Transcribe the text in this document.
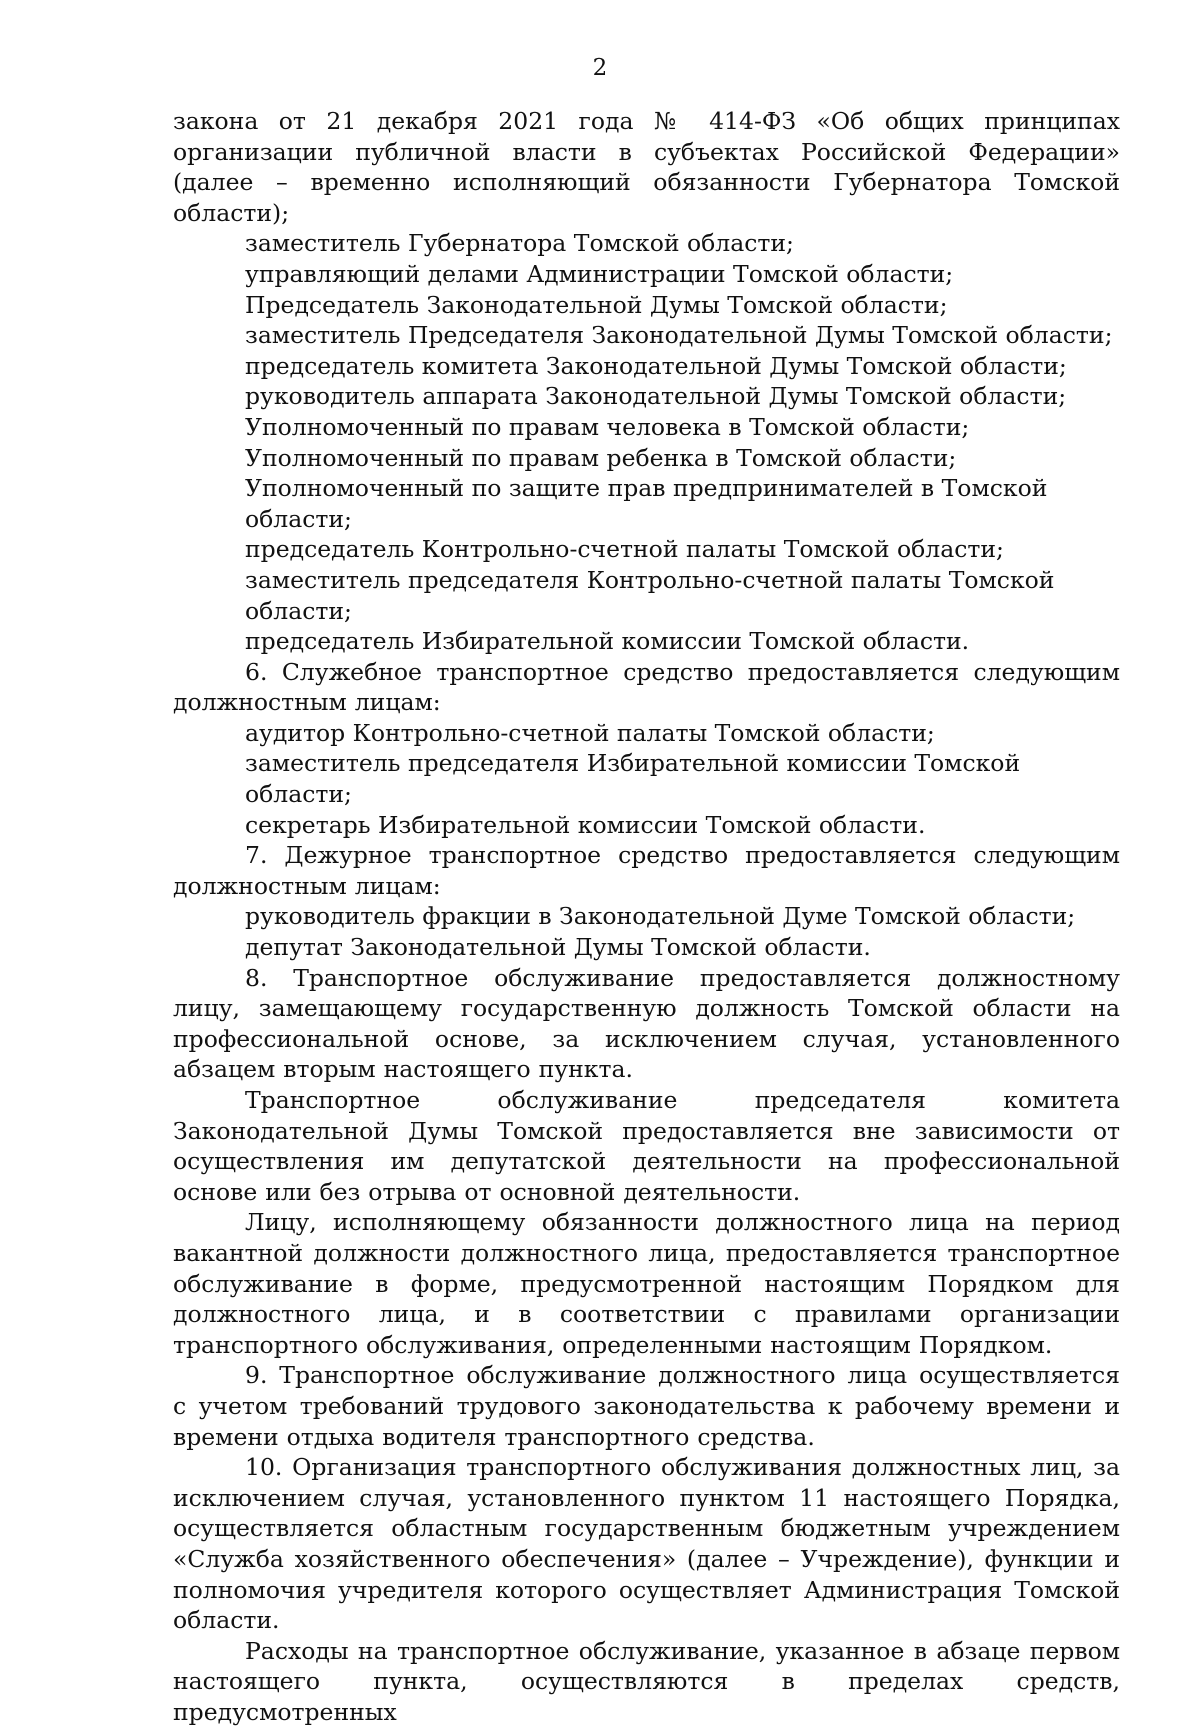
2

закона от 21 декабря 2021 года № 414-ФЗ «Об общих принципах организации публичной власти в субъектах Российской Федерации» (далее – временно исполняющий обязанности Губернатора Томской области);

заместитель Губернатора Томской области;

управляющий делами Администрации Томской области;

Председатель Законодательной Думы Томской области;

заместитель Председателя Законодательной Думы Томской области;

председатель комитета Законодательной Думы Томской области;

руководитель аппарата Законодательной Думы Томской области;

Уполномоченный по правам человека в Томской области;

Уполномоченный по правам ребенка в Томской области;

Уполномоченный по защите прав предпринимателей в Томской области;

председатель Контрольно-счетной палаты Томской области;

заместитель председателя Контрольно-счетной палаты Томской области;

председатель Избирательной комиссии Томской области.

6. Служебное транспортное средство предоставляется следующим должностным лицам:

аудитор Контрольно-счетной палаты Томской области;

заместитель председателя Избирательной комиссии Томской области;

секретарь Избирательной комиссии Томской области.

7. Дежурное транспортное средство предоставляется следующим должностным лицам:

руководитель фракции в Законодательной Думе Томской области;

депутат Законодательной Думы Томской области.

8. Транспортное обслуживание предоставляется должностному лицу, замещающему государственную должность Томской области на профессиональной основе, за исключением случая, установленного абзацем вторым настоящего пункта.

Транспортное обслуживание председателя комитета Законодательной Думы Томской предоставляется вне зависимости от осуществления им депутатской деятельности на профессиональной основе или без отрыва от основной деятельности.

Лицу, исполняющему обязанности должностного лица на период вакантной должности должностного лица, предоставляется транспортное обслуживание в форме, предусмотренной настоящим Порядком для должностного лица, и в соответствии с правилами организации транспортного обслуживания, определенными настоящим Порядком.

9. Транспортное обслуживание должностного лица осуществляется с учетом требований трудового законодательства к рабочему времени и времени отдыха водителя транспортного средства.

10. Организация транспортного обслуживания должностных лиц, за исключением случая, установленного пунктом 11 настоящего Порядка, осуществляется областным государственным бюджетным учреждением «Служба хозяйственного обеспечения» (далее – Учреждение), функции и полномочия учредителя которого осуществляет Администрация Томской области.

Расходы на транспортное обслуживание, указанное в абзаце первом настоящего пункта, осуществляются в пределах средств, предусмотренных
